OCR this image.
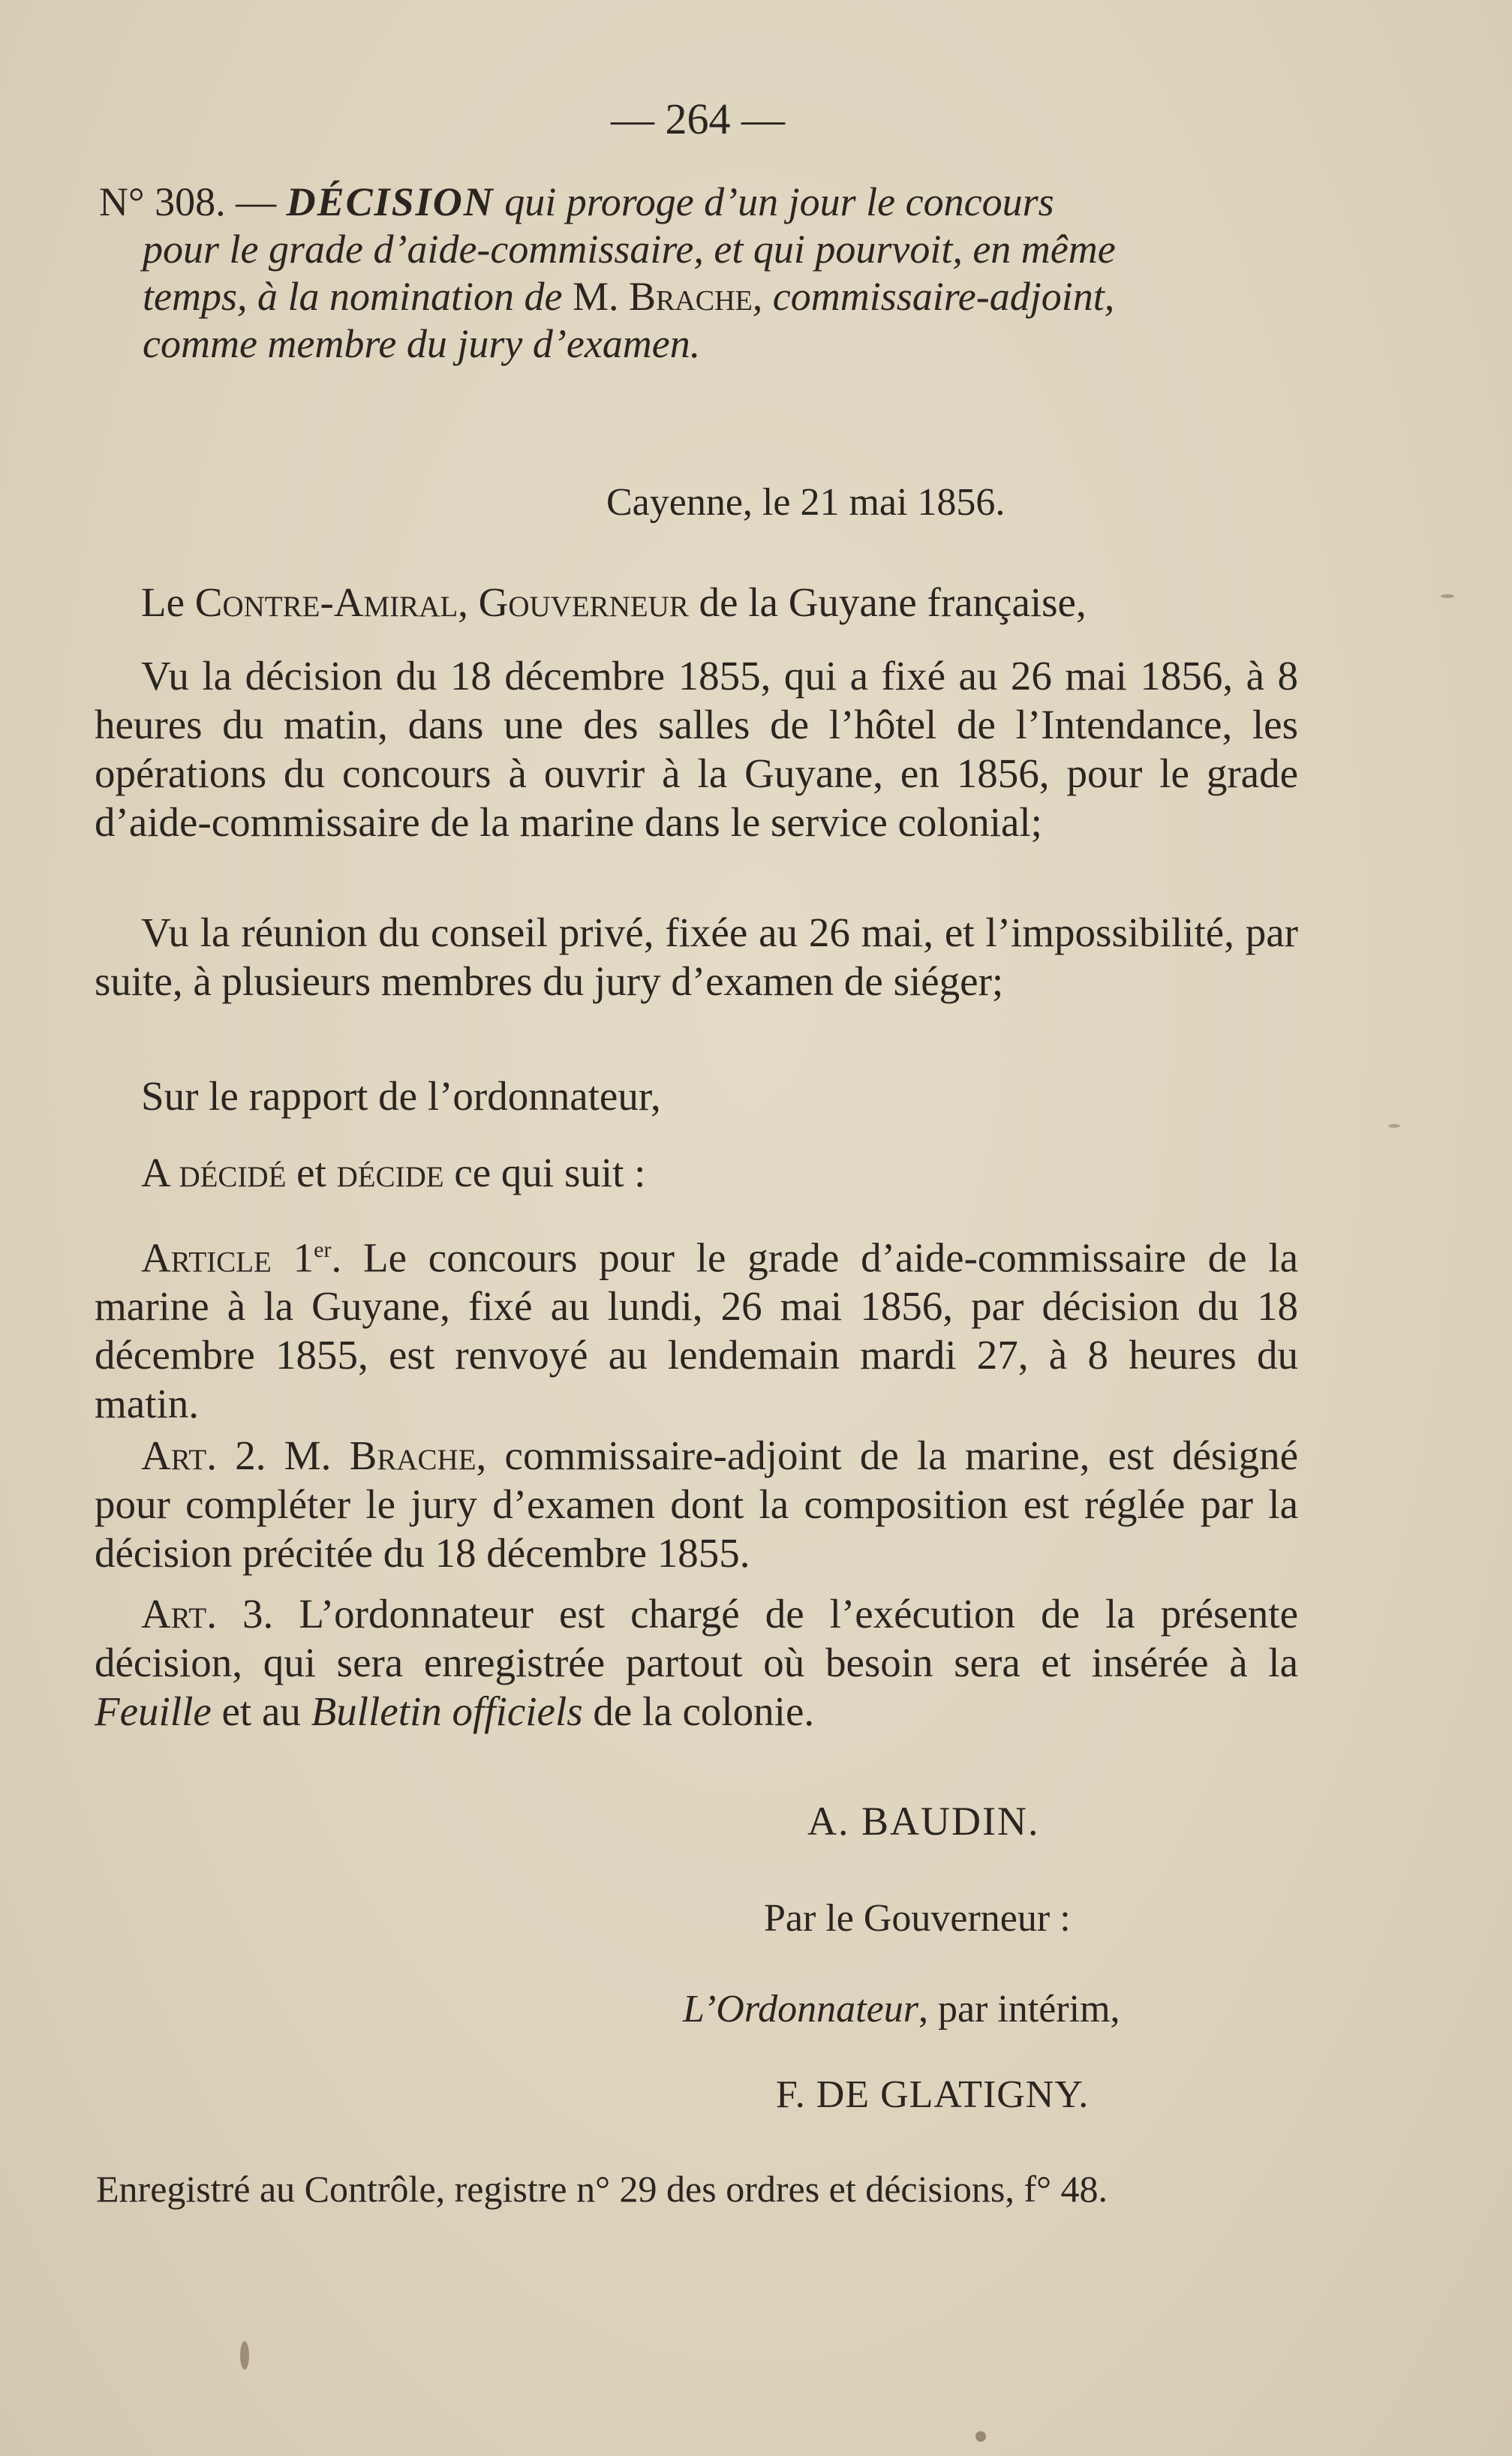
— 264 —
N° 308. — DÉCISION qui proroge d’un jour le concours
pour le grade d’aide-commissaire, et qui pourvoit, en même
temps, à la nomination de M. Brache, commissaire-adjoint,
comme membre du jury d’examen.
Cayenne, le 21 mai 1856.

Le Contre-Amiral, Gouverneur de la Guyane française,

Vu la décision du 18 décembre 1855, qui a fixé au 26 mai 1856, à 8 heures du matin, dans une des salles de l’hôtel de l’Intendance, les opérations du concours à ouvrir à la Guyane, en 1856, pour le grade d’aide-commissaire de la marine dans le service colonial;

Vu la réunion du conseil privé, fixée au 26 mai, et l’impossibilité, par suite, à plusieurs membres du jury d’examen de siéger;

Sur le rapport de l’ordonnateur,

A décidé et décide ce qui suit :

Article 1er. Le concours pour le grade d’aide-commissaire de la marine à la Guyane, fixé au lundi, 26 mai 1856, par décision du 18 décembre 1855, est renvoyé au lendemain mardi 27, à 8 heures du matin.

Art. 2. M. Brache, commissaire-adjoint de la marine, est désigné pour compléter le jury d’examen dont la composition est réglée par la décision précitée du 18 décembre 1855.

Art. 3. L’ordonnateur est chargé de l’exécution de la présente décision, qui sera enregistrée partout où besoin sera et insérée à la Feuille et au Bulletin officiels de la colonie.

A. BAUDIN.
Par le Gouverneur :
L’Ordonnateur, par intérim,
F. DE GLATIGNY.
Enregistré au Contrôle, registre n° 29 des ordres et décisions, f° 48.
